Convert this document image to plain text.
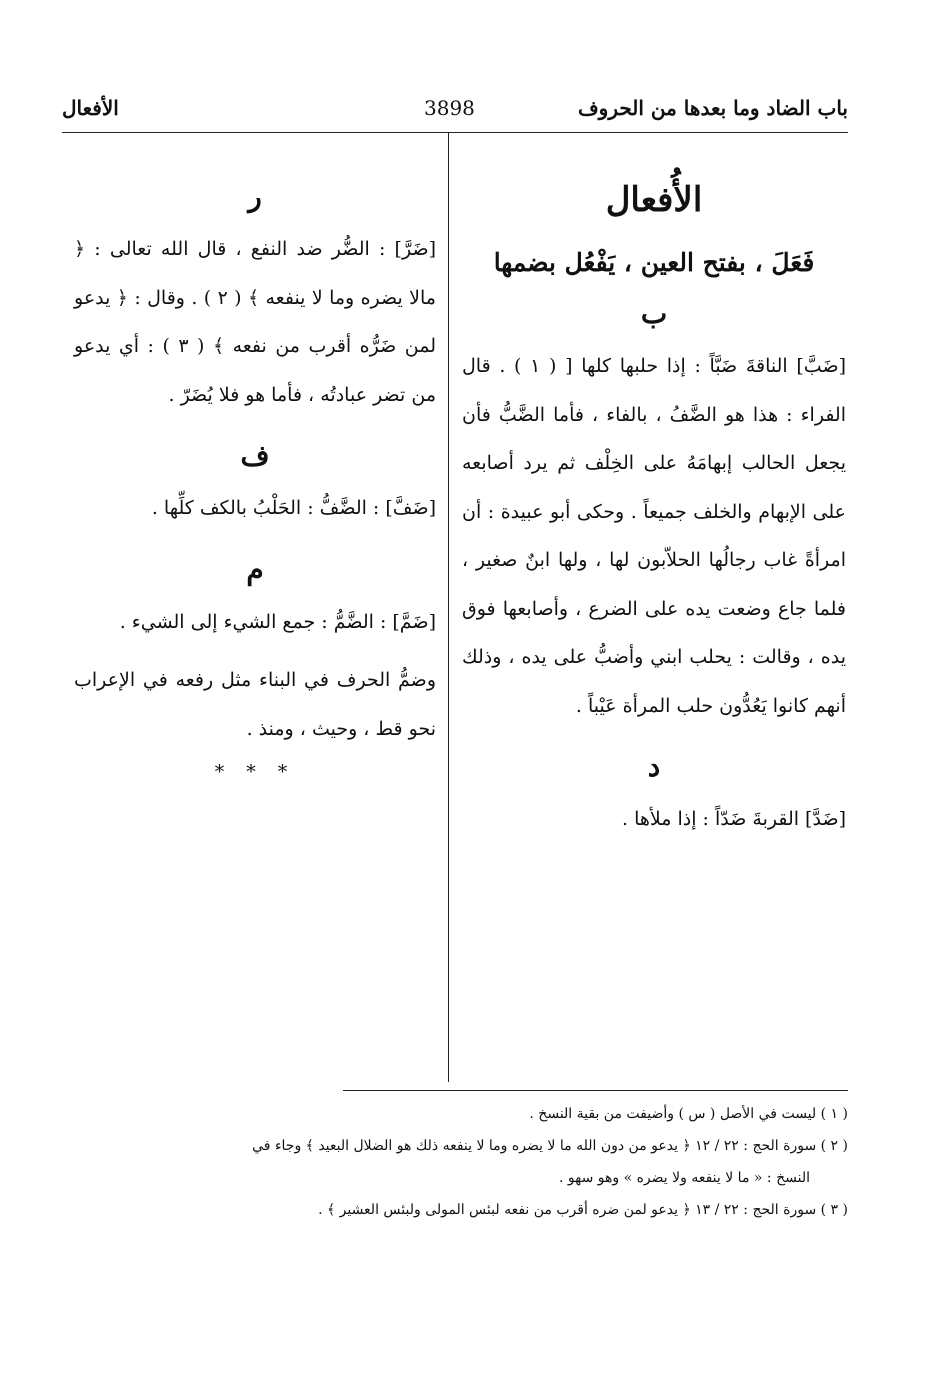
باب الضاد وما بعدها من الحروف
3898
الأفعال
الأُفعال
فَعَلَ ، بفتح العين ، يَفْعُل بضمها
ب

[ضَبَّ] الناقةَ ضَبَّاً : إذا حلبها كلها [ ( ١ ) . قال الفراء : هذا هو الضَّفُ ، بالفاء ، فأما الضَّبُّ فأن يجعل الحالب إبهامَهُ على الخِلْف ثم يرد أصابعه على الإبهام والخلف جميعاً . وحكى أبو عبيدة : أن امرأةً غاب رجالُها الحلاّبون لها ، ولها ابنٌ صغير ، فلما جاع وضعت يده على الضرع ، وأصابعها فوق يده ، وقالت : يحلب ابني وأضبُّ على يده ، وذلك أنهم كانوا يَعُدُّون حلب المرأة عَيْباً .

د

[ضَدَّ] القربةَ ضَدّاً : إذا ملأها .

ر

[ضَرَّ] : الضُّر ضد النفع ، قال الله تعالى : ﴿ مالا يضره وما لا ينفعه ﴾ ( ٢ ) . وقال : ﴿ يدعو لمن ضَرُّه أقرب من نفعه ﴾ ( ٣ ) : أي يدعو من تضر عبادتُه ، فأما هو فلا يُضَرّ .

ف

[ضَفَّ] : الضَّفُّ : الحَلْبُ بالكف كلِّها .

م

[ضَمَّ] : الضَّمُّ : جمع الشيء إلى الشيء .

وضمُّ الحرف في البناء مثل رفعه في الإعراب نحو قط ، وحيث ، ومنذ .

* * *

( ١ ) ليست في الأصل ( س ) وأضيفت من بقية النسخ .

( ٢ ) سورة الحج : ٢٢ / ١٢ ﴿ يدعو من دون الله ما لا يضره وما لا ينفعه ذلك هو الضلال البعيد ﴾ وجاء في

النسخ : « ما لا ينفعه ولا يضره » وهو سهو .

( ٣ ) سورة الحج : ٢٢ / ١٣ ﴿ يدعو لمن ضره أقرب من نفعه لبئس المولى ولبئس العشير ﴾ .
